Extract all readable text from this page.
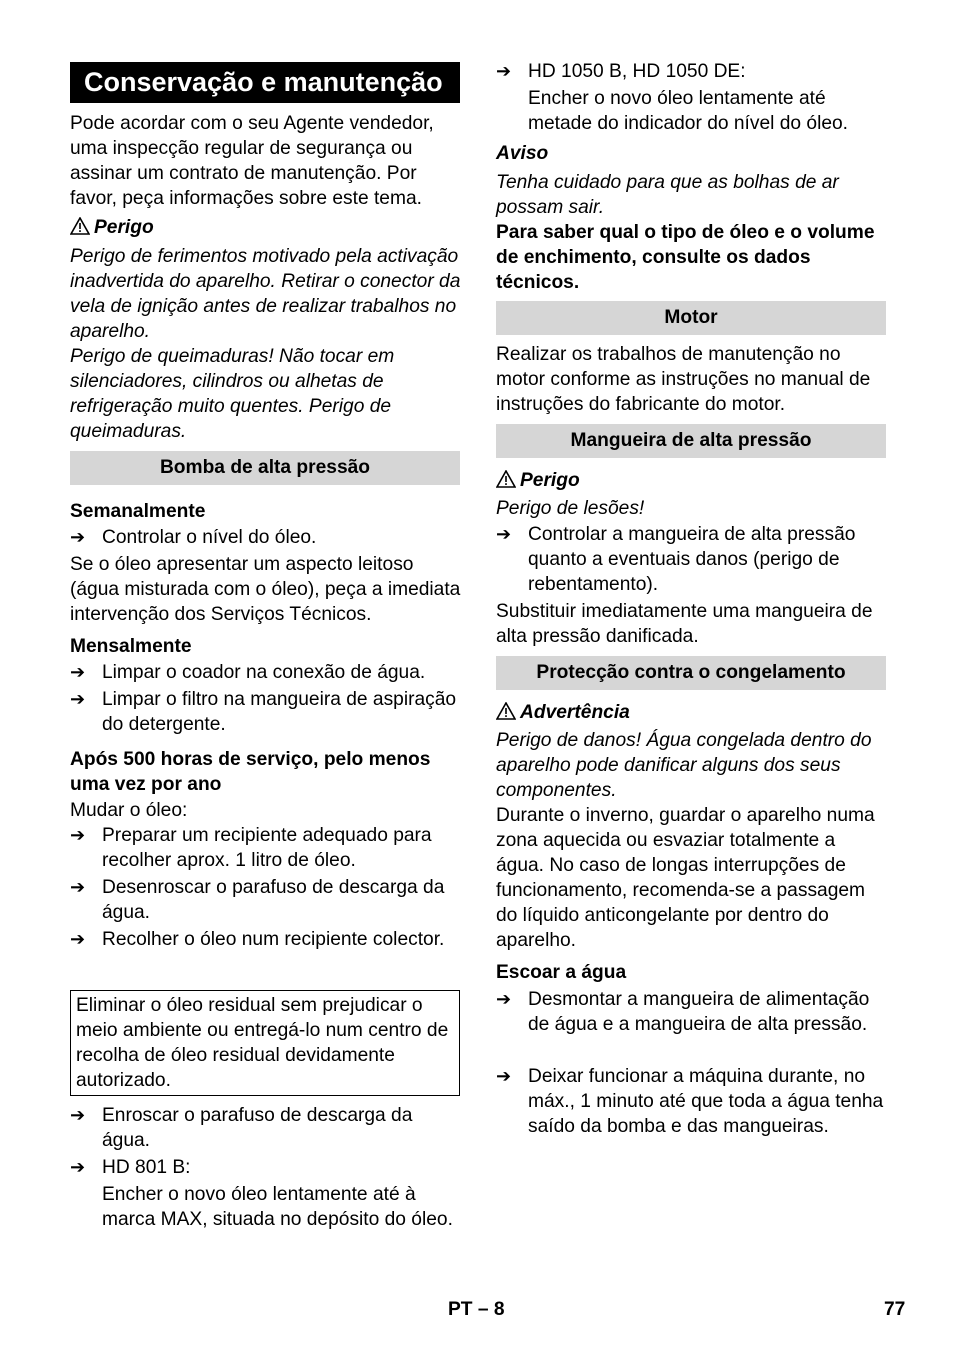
Conservação e manutenção

Pode acordar com o seu Agente vendedor, uma inspecção regular de segurança ou assinar um contrato de manutenção. Por favor, peça informações sobre este tema.

Perigo

Perigo de ferimentos motivado pela activação inadvertida do aparelho. Retirar o conector da vela de ignição antes de realizar trabalhos no aparelho.

Perigo de queimaduras! Não tocar em silenciadores, cilindros ou alhetas de refrigeração muito quentes. Perigo de queimaduras.

Bomba de alta pressão
Semanalmente
➔ Controlar o nível do óleo.

Se o óleo apresentar um aspecto leitoso (água misturada com o óleo), peça a imediata intervenção dos Serviços Técnicos.

Mensalmente
➔ Limpar o coador na conexão de água.
➔ Limpar o filtro na mangueira de aspiração do detergente.
Após 500 horas de serviço, pelo menos uma vez por ano
Mudar o óleo:
➔ Preparar um recipiente adequado para recolher aprox. 1 litro de óleo.
➔ Desenroscar o parafuso de descarga da água.
➔ Recolher o óleo num recipiente colector.
Eliminar o óleo residual sem prejudicar o meio ambiente ou entregá-lo num centro de recolha de óleo residual devidamente autorizado.
➔ Enroscar o parafuso de descarga da água.
➔ HD 801 B:

Encher o novo óleo lentamente até à marca MAX, situada no depósito do óleo.

➔ HD 1050 B, HD 1050 DE:

Encher o novo óleo lentamente até metade do indicador do nível do óleo.

Aviso

Tenha cuidado para que as bolhas de ar possam sair.

Para saber qual o tipo de óleo e o volume de enchimento, consulte os dados técnicos.

Motor

Realizar os trabalhos de manutenção no motor conforme as instruções no manual de instruções do fabricante do motor.

Mangueira de alta pressão
Perigo

Perigo de lesões!

➔ Controlar a mangueira de alta pressão quanto a eventuais danos (perigo de rebentamento).

Substituir imediatamente uma mangueira de alta pressão danificada.

Protecção contra o congelamento
Advertência

Perigo de danos! Água congelada dentro do aparelho pode danificar alguns dos seus componentes.

Durante o inverno, guardar o aparelho numa zona aquecida ou esvaziar totalmente a água. No caso de longas interrupções de funcionamento, recomenda-se a passagem do líquido anticongelante por dentro do aparelho.

Escoar a água
➔ Desmontar a mangueira de alimentação de água e a mangueira de alta pressão.
➔ Deixar funcionar a máquina durante, no máx., 1 minuto até que toda a água tenha saído da bomba e das mangueiras.
PT – 8	77
